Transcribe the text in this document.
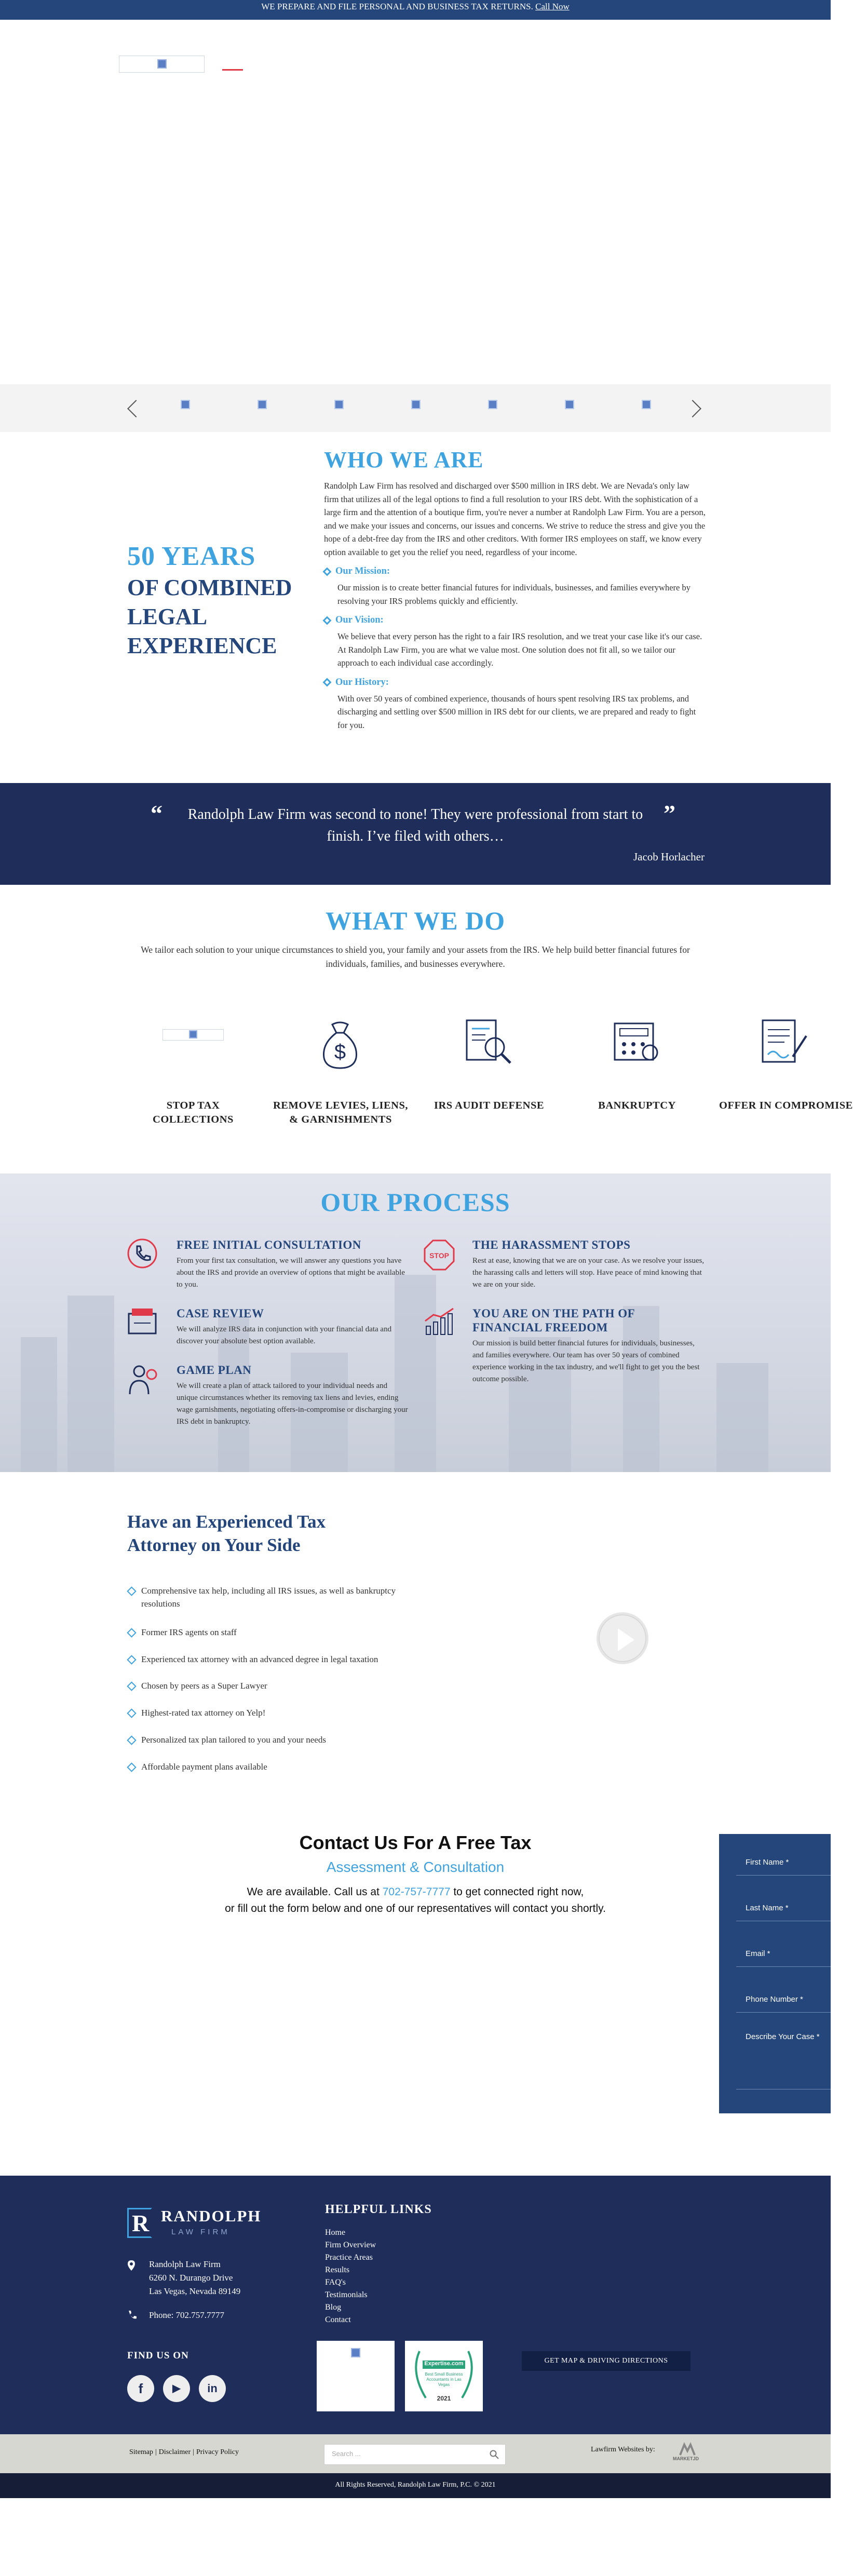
WE PREPARE AND FILE PERSONAL AND BUSINESS TAX RETURNS. Call Now
50 YEARS
OF COMBINED
LEGAL
EXPERIENCE
WHO WE ARE

Randolph Law Firm has resolved and discharged over $500 million in IRS debt. We are Nevada's only law firm that utilizes all of the legal options to find a full resolution to your IRS debt. With the sophistication of a large firm and the attention of a boutique firm, you're never a number at Randolph Law Firm. You are a person, and we make your issues and concerns, our issues and concerns. We strive to reduce the stress and give you the hope of a debt-free day from the IRS and other creditors. With former IRS employees on staff, we know every option available to get you the relief you need, regardless of your income.

Our Mission:

Our mission is to create better financial futures for individuals, businesses, and families everywhere by resolving your IRS problems quickly and efficiently.

Our Vision:

We believe that every person has the right to a fair IRS resolution, and we treat your case like it's our case. At Randolph Law Firm, you are what we value most. One solution does not fit all, so we tailor our approach to each individual case accordingly.

Our History:

With over 50 years of combined experience, thousands of hours spent resolving IRS tax problems, and discharging and settling over $500 million in IRS debt for our clients, we are prepared and ready to fight for you.

“	”
Randolph Law Firm was second to none! They were professional from start to finish. I’ve filed with others…
Jacob Horlacher
WHAT WE DO
We tailor each solution to your unique circumstances to shield you, your family and your assets from the IRS. We help build better financial futures for individuals, families, and businesses everywhere.
$
STOP TAX
COLLECTIONS
REMOVE LEVIES, LIENS,
& GARNISHMENTS
IRS AUDIT DEFENSE	BANKRUPTCY	OFFER IN COMPROMISE
OUR PROCESS
FREE INITIAL CONSULTATION

From your first tax consultation, we will answer any questions you have about the IRS and provide an overview of options that might be available to you.

CASE REVIEW

We will analyze IRS data in conjunction with your financial data and discover your absolute best option available.

GAME PLAN

We will create a plan of attack tailored to your individual needs and unique circumstances whether its removing tax liens and levies, ending wage garnishments, negotiating offers-in-compromise or discharging your IRS debt in bankruptcy.

STOP
THE HARASSMENT STOPS

Rest at ease, knowing that we are on your case. As we resolve your issues, the harassing calls and letters will stop. Have peace of mind knowing that we are on your side.

YOU ARE ON THE PATH OF FINANCIAL FREEDOM

Our mission is build better financial futures for individuals, businesses, and families everywhere. Our team has over 50 years of combined experience working in the tax industry, and we'll fight to get you the best outcome possible.

Have an Experienced Tax Attorney on Your Side
Comprehensive tax help, including all IRS issues, as well as bankruptcy resolutions
Former IRS agents on staff
Experienced tax attorney with an advanced degree in legal taxation
Chosen by peers as a Super Lawyer
Highest-rated tax attorney on Yelp!
Personalized tax plan tailored to you and your needs
Affordable payment plans available
Contact Us For A Free Tax
Assessment & Consultation
We are available. Call us at 702-757-7777 to get connected right now,
or fill out the form below and one of our representatives will contact you shortly.
First Name *
Last Name *
Email *
Phone Number *
Describe Your Case *
R RANDOLPH
LAW FIRM
Randolph Law Firm
6260 N. Durango Drive
Las Vegas, Nevada 89149
Phone: 702.757.7777
HELPFUL LINKS
Home
Firm Overview
Practice Areas
Results
FAQ's
Testimonials
Blog
Contact
FIND US ON
f	▶	in
Expertise.com
Best Small Business Accountants in Las Vegas
2021
GET MAP & DRIVING DIRECTIONS
Sitemap | Disclaimer | Privacy Policy	Search ...
Lawfirm Websites by:
MARKETJD
All Rights Reserved, Randolph Law Firm, P.C. © 2021
